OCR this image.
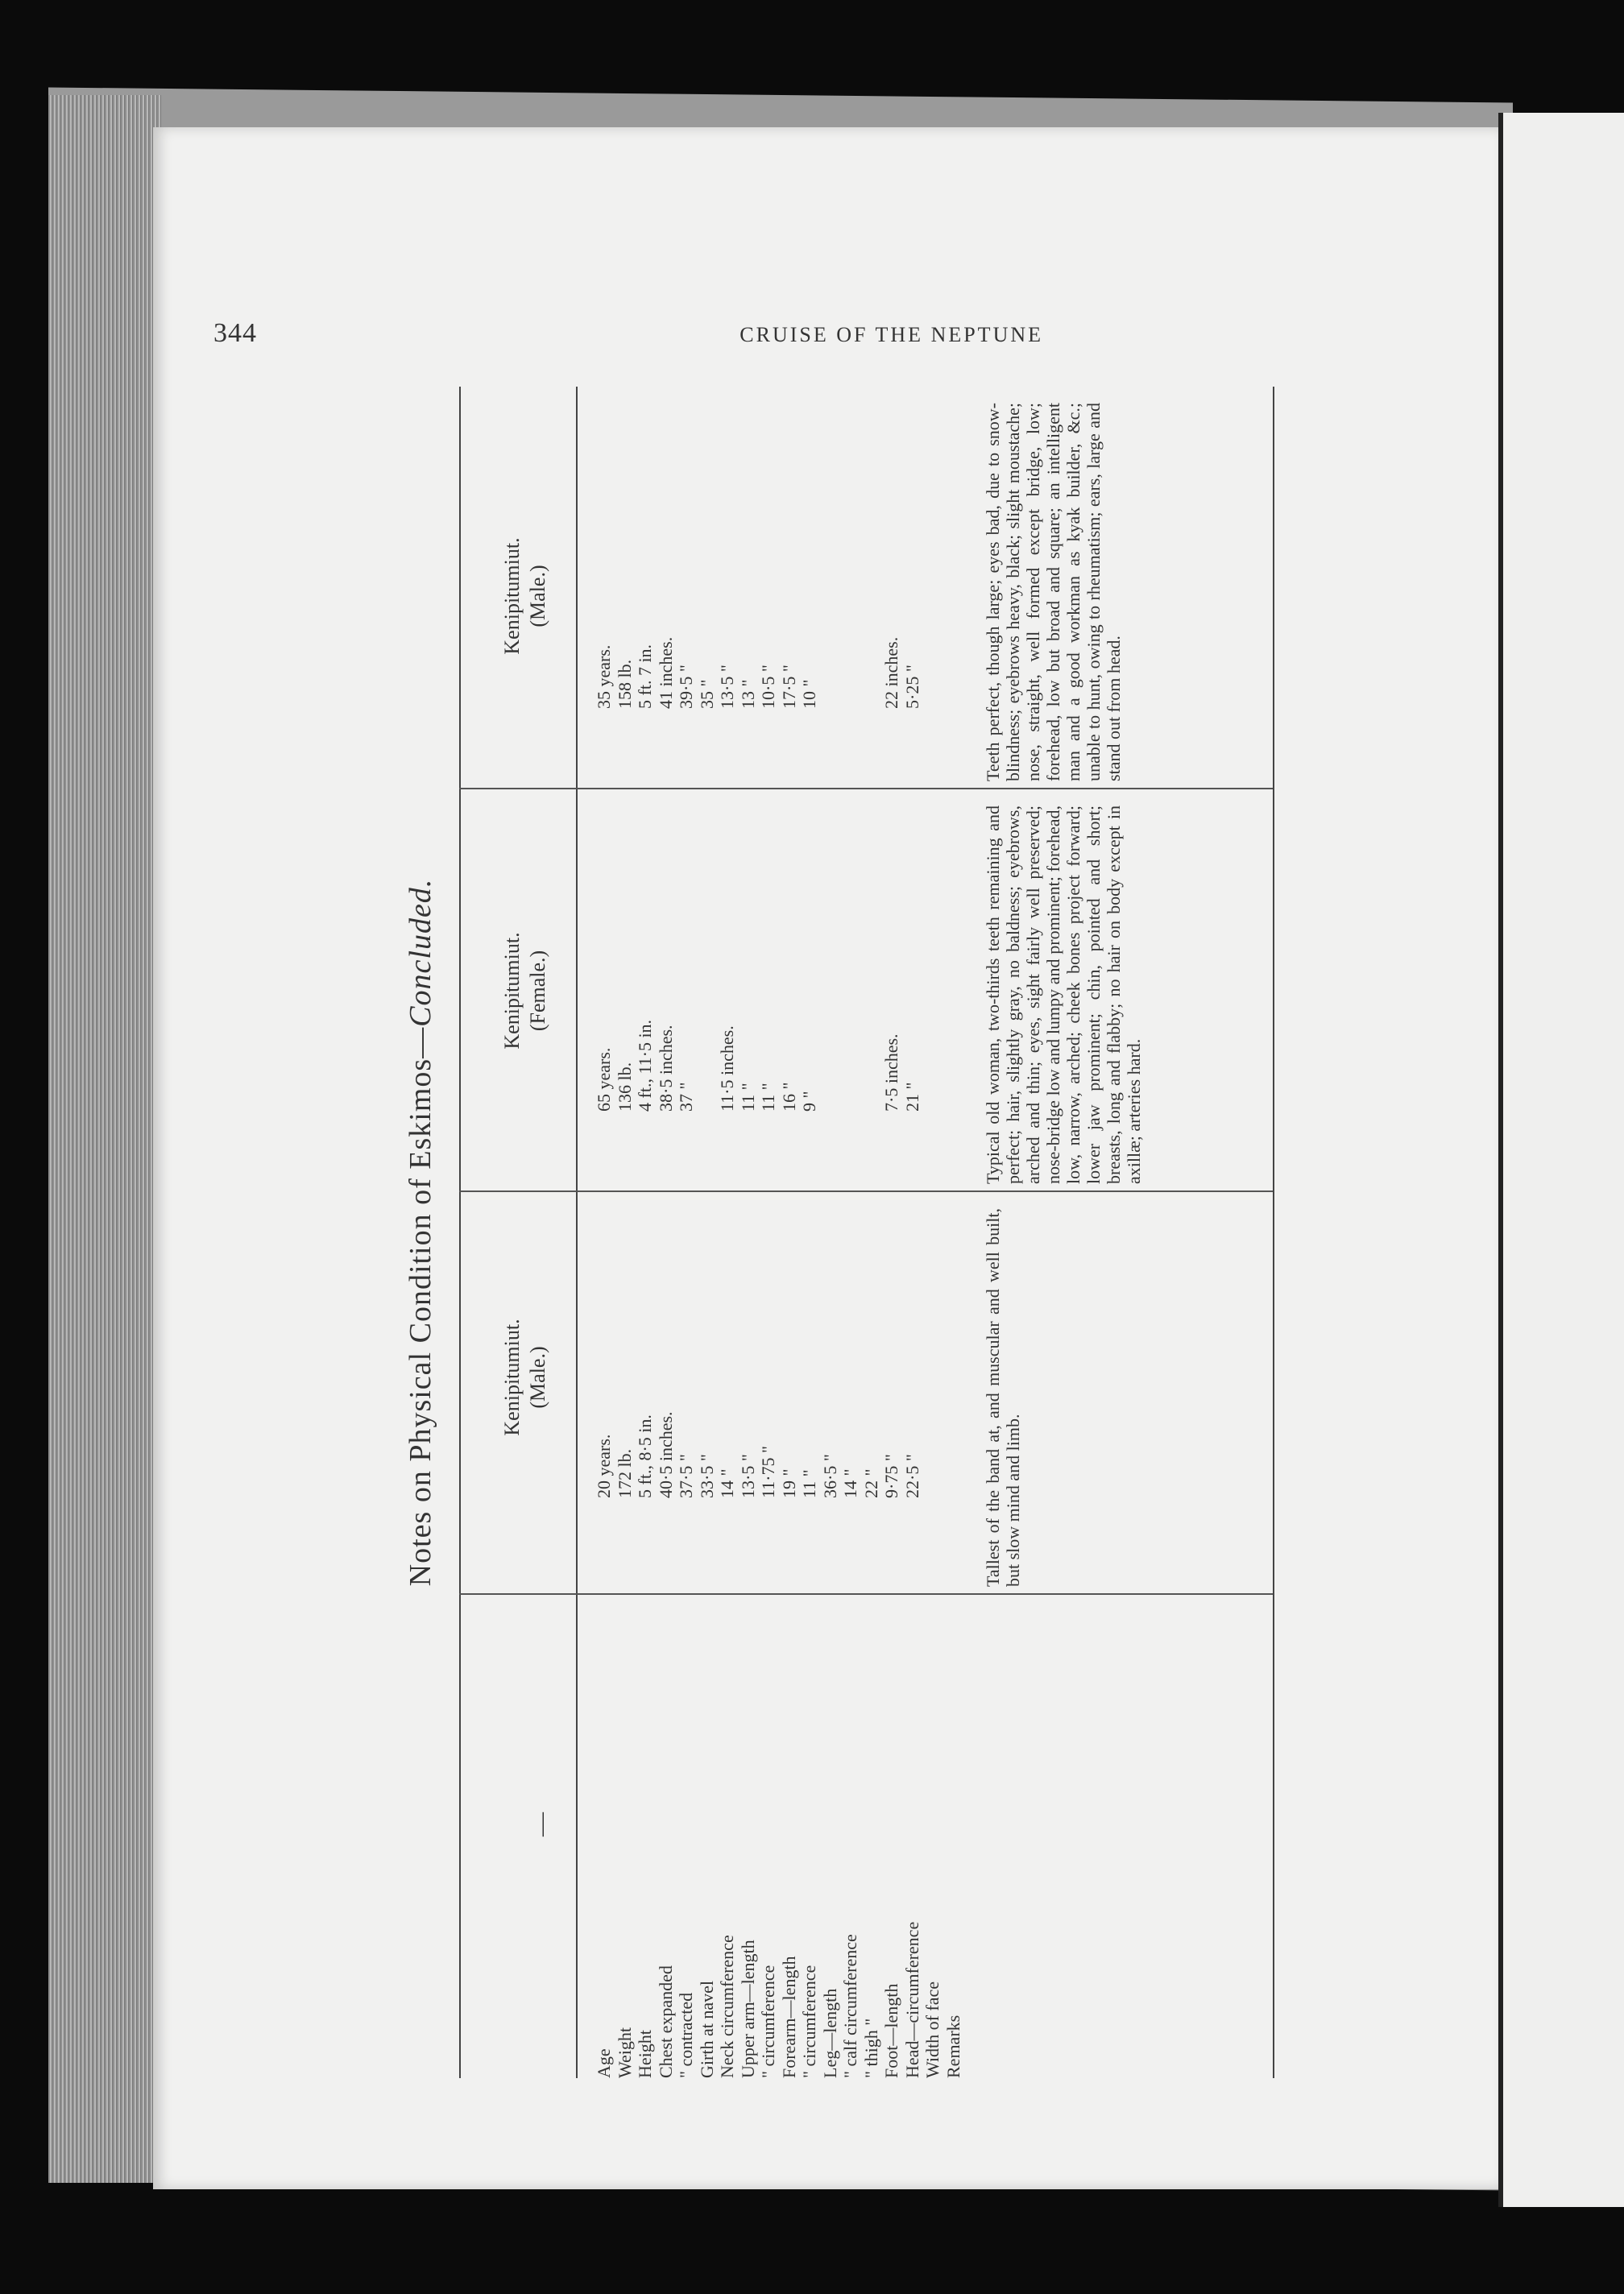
344	CRUISE OF THE NEPTUNE
Notes on Physical Condition of Eskimos—Concluded.
—
Kenipitumiut. (Male.)
Kenipitumiut. (Female.)
Kenipitumiut. (Male.)
Age
20 years.
65 years.
35 years.
Weight
172 lb.
136 lb.
158 lb.
Height
5 ft., 8·5 in.
4 ft., 11·5 in.
5 ft. 7 in.
Chest expanded
40·5 inches.
38·5 inches.
41 inches.
" contracted
37·5 "
37 "
39·5 "
Girth at navel
33·5 "
35 "
Neck circumference
14 "
11·5 inches.
13·5 "
Upper arm—length
13·5 "
11 "
13 "
" circumference
11·75 "
11 "
10·5 "
Forearm—length
19 "
16 "
17·5 "
" circumference
11 "
9 "
10 "
Leg—length
36·5 "
" calf circumference
14 "
" thigh "
22 "
Foot—length
9·75 "
7·5 inches.
22 inches.
Head—circumference
22·5 "
21 "
5·25 "
Width of face Remarks
Tallest of the band at, and muscular and well built, but slow mind and limb.
Typical old woman, two-thirds teeth remaining and perfect; hair, slightly gray, no baldness; eyebrows, arched and thin; eyes, sight fairly well preserved; nose-bridge low and lumpy and prominent; forehead, low, narrow, arched; cheek bones project forward; lower jaw prominent; chin, pointed and short; breasts, long and flabby; no hair on body except in axillæ; arteries hard.
Teeth perfect, though large; eyes bad, due to snow-blindness; eyebrows heavy, black; slight moustache; nose, straight, well formed except bridge, low; forehead, low but broad and square; an intelligent man and a good workman as kyak builder, &c.; unable to hunt, owing to rheumatism; ears, large and stand out from head.
